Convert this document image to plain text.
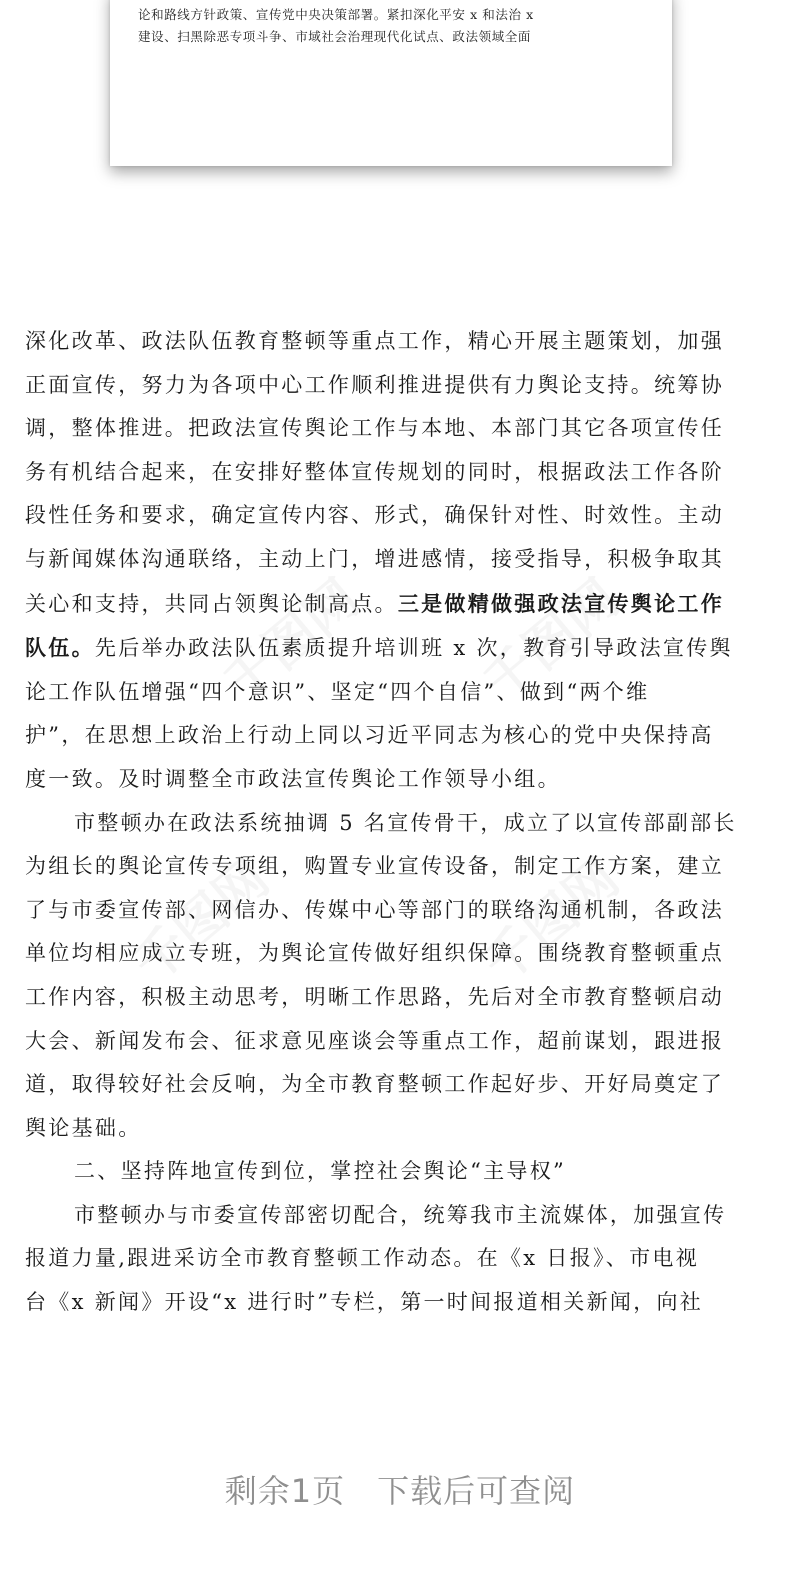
论和路线方针政策、宣传党中央决策部署。紧扣深化平安 x 和法治 x
建设、扫黑除恶专项斗争、市域社会治理现代化试点、政法领域全面
深化改革、政法队伍教育整顿等重点工作，精心开展主题策划，加强
正面宣传，努力为各项中心工作顺利推进提供有力舆论支持。统筹协
调，整体推进。把政法宣传舆论工作与本地、本部门其它各项宣传任
务有机结合起来，在安排好整体宣传规划的同时，根据政法工作各阶
段性任务和要求，确定宣传内容、形式，确保针对性、时效性。主动
与新闻媒体沟通联络，主动上门，增进感情，接受指导，积极争取其
关心和支持，共同占领舆论制高点。三是做精做强政法宣传舆论工作
队伍。先后举办政法队伍素质提升培训班 x 次，教育引导政法宣传舆
论工作队伍增强“四个意识”、坚定“四个自信”、做到“两个维
护”，在思想上政治上行动上同以习近平同志为核心的党中央保持高
度一致。及时调整全市政法宣传舆论工作领导小组。
市整顿办在政法系统抽调 5 名宣传骨干，成立了以宣传部副部长
为组长的舆论宣传专项组，购置专业宣传设备，制定工作方案，建立
了与市委宣传部、网信办、传媒中心等部门的联络沟通机制，各政法
单位均相应成立专班，为舆论宣传做好组织保障。围绕教育整顿重点
工作内容，积极主动思考，明晰工作思路，先后对全市教育整顿启动
大会、新闻发布会、征求意见座谈会等重点工作，超前谋划，跟进报
道，取得较好社会反响，为全市教育整顿工作起好步、开好局奠定了
舆论基础。
二、坚持阵地宣传到位，掌控社会舆论“主导权”
市整顿办与市委宣传部密切配合，统筹我市主流媒体，加强宣传
报道力量,跟进采访全市教育整顿工作动态。在《x 日报》、市电视
台《x 新闻》开设“x 进行时”专栏，第一时间报道相关新闻，向社
剩余1页 下载后可查阅
